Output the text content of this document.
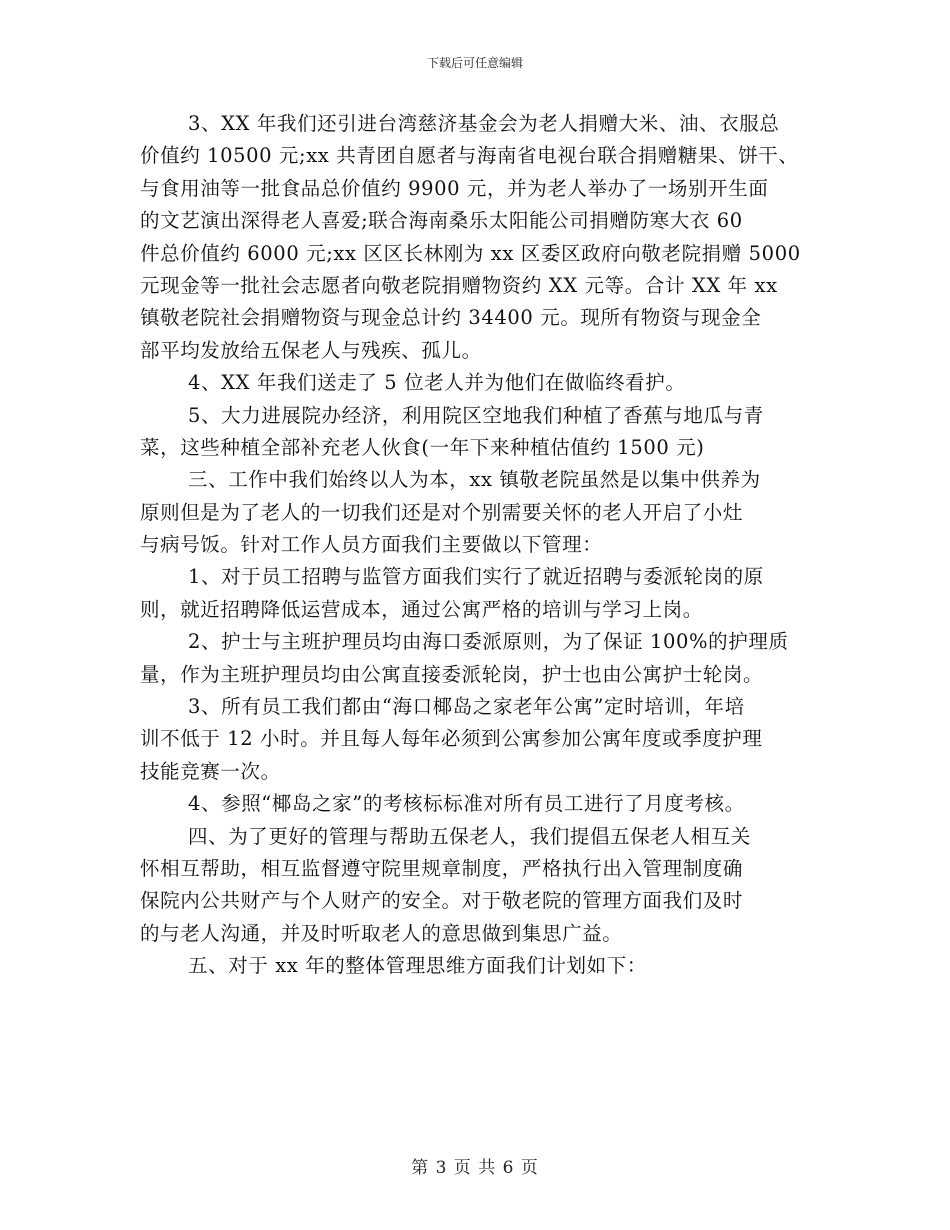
下载后可任意编辑
3、XX 年我们还引进台湾慈济基金会为老人捐赠大米、油、衣服总
价值约 10500 元;xx 共青团自愿者与海南省电视台联合捐赠糖果、饼干、
与食用油等一批食品总价值约 9900 元，并为老人举办了一场别开生面
的文艺演出深得老人喜爱;联合海南桑乐太阳能公司捐赠防寒大衣 60
件总价值约 6000 元;xx 区区长林刚为 xx 区委区政府向敬老院捐赠 5000
元现金等一批社会志愿者向敬老院捐赠物资约 XX 元等。合计 XX 年 xx
镇敬老院社会捐赠物资与现金总计约 34400 元。现所有物资与现金全
部平均发放给五保老人与残疾、孤儿。
4、XX 年我们送走了 5 位老人并为他们在做临终看护。
5、大力进展院办经济，利用院区空地我们种植了香蕉与地瓜与青
菜，这些种植全部补充老人伙食(一年下来种植估值约 1500 元)
三、工作中我们始终以人为本，xx 镇敬老院虽然是以集中供养为
原则但是为了老人的一切我们还是对个别需要关怀的老人开启了小灶
与病号饭。针对工作人员方面我们主要做以下管理：
1、对于员工招聘与监管方面我们实行了就近招聘与委派轮岗的原
则，就近招聘降低运营成本，通过公寓严格的培训与学习上岗。
2、护士与主班护理员均由海口委派原则，为了保证 100%的护理质
量，作为主班护理员均由公寓直接委派轮岗，护士也由公寓护士轮岗。
3、所有员工我们都由“海口椰岛之家老年公寓”定时培训，年培
训不低于 12 小时。并且每人每年必须到公寓参加公寓年度或季度护理
技能竞赛一次。
4、参照“椰岛之家”的考核标标准对所有员工进行了月度考核。
四、为了更好的管理与帮助五保老人，我们提倡五保老人相互关
怀相互帮助，相互监督遵守院里规章制度，严格执行出入管理制度确
保院内公共财产与个人财产的安全。对于敬老院的管理方面我们及时
的与老人沟通，并及时听取老人的意思做到集思广益。
五、对于 xx 年的整体管理思维方面我们计划如下：
第 3 页 共 6 页
